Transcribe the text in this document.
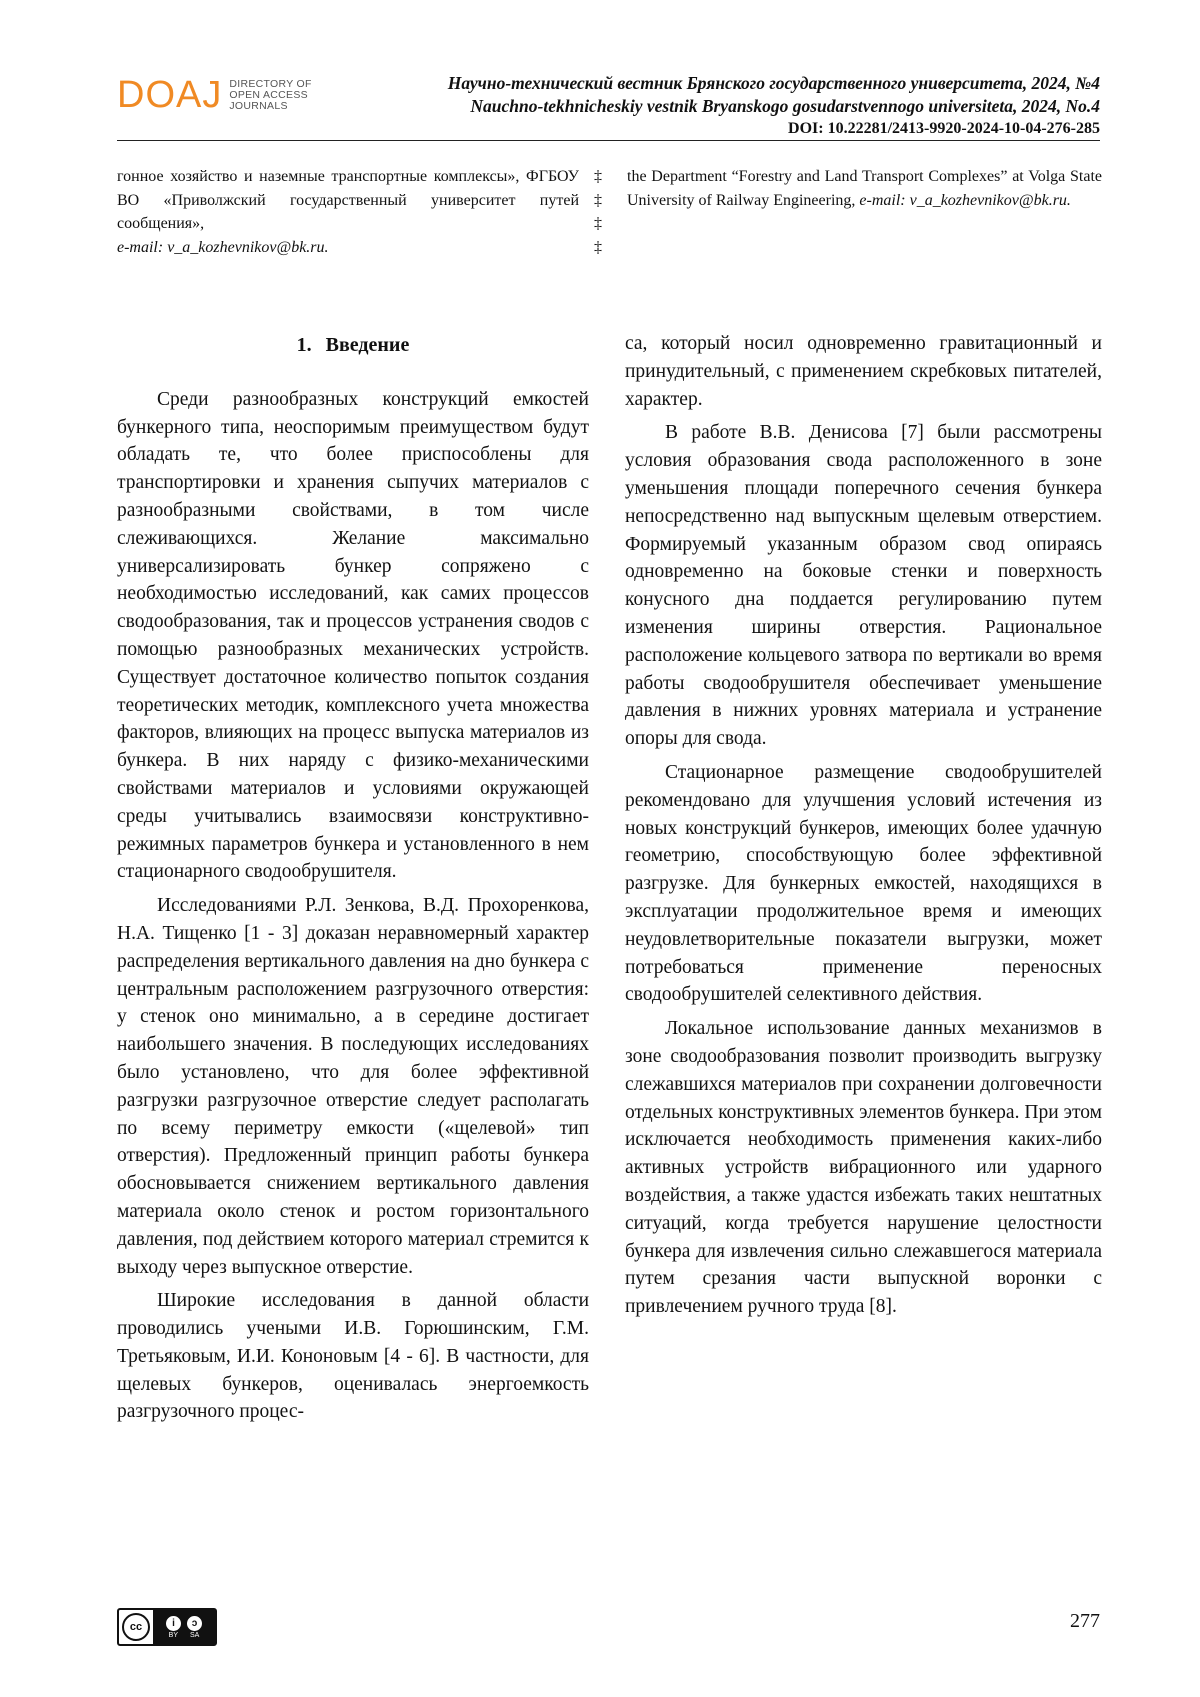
DOAJ DIRECTORY OF
OPEN ACCESS
JOURNALS
Научно-технический вестник Брянского государственного университета, 2024, №4
Nauchno-tekhnicheskiy vestnik Bryanskogo gosudarstvennogo universiteta, 2024, No.4
DOI: 10.22281/2413-9920-2024-10-04-276-285
гонное хозяйство и наземные транспортные комплексы», ФГБОУ ВО «Приволжский государственный университет путей сообщения»,
e-mail: v_a_kozhevnikov@bk.ru.
‡
‡
‡
‡
the Department “Forestry and Land Transport Complexes” at Volga State University of Railway Engineering, e-mail: v_a_kozhevnikov@bk.ru.
1. Введение

Среди разнообразных конструкций емкостей бункерного типа, неоспоримым преимуществом будут обладать те, что более приспособлены для транспортировки и хранения сыпучих материалов с разнообразными свойствами, в том числе слеживающихся. Желание максимально универсализировать бункер сопряжено с необходимостью исследований, как самих процессов сводообразования, так и процессов устранения сводов с помощью разнообразных механических устройств. Существует достаточное количество попыток создания теоретических методик, комплексного учета множества факторов, влияющих на процесс выпуска материалов из бункера. В них наряду с физико-механическими свойствами материалов и условиями окружающей среды учитывались взаимосвязи конструктивно-режимных параметров бункера и установленного в нем стационарного сводообрушителя.

Исследованиями Р.Л. Зенкова, В.Д. Прохоренкова, Н.А. Тищенко [1 - 3] доказан неравномерный характер распределения вертикального давления на дно бункера с центральным расположением разгрузочного отверстия: у стенок оно минимально, а в середине достигает наибольшего значения. В последующих исследованиях было установлено, что для более эффективной разгрузки разгрузочное отверстие следует располагать по всему периметру емкости («щелевой» тип отверстия). Предложенный принцип работы бункера обосновывается снижением вертикального давления материала около стенок и ростом горизонтального давления, под действием которого материал стремится к выходу через выпускное отверстие.

Широкие исследования в данной области проводились учеными И.В. Горюшинским, Г.М. Третьяковым, И.И. Кононовым [4 - 6]. В частности, для щелевых бункеров, оценивалась энергоемкость разгрузочного процес-

са, который носил одновременно гравитационный и принудительный, с применением скребковых питателей, характер.

В работе В.В. Денисова [7] были рассмотрены условия образования свода расположенного в зоне уменьшения площади поперечного сечения бункера непосредственно над выпускным щелевым отверстием. Формируемый указанным образом свод опираясь одновременно на боковые стенки и поверхность конусного дна поддается регулированию путем изменения ширины отверстия. Рациональное расположение кольцевого затвора по вертикали во время работы сводообрушителя обеспечивает уменьшение давления в нижних уровнях материала и устранение опоры для свода.

Стационарное размещение сводообрушителей рекомендовано для улучшения условий истечения из новых конструкций бункеров, имеющих более удачную геометрию, способствующую более эффективной разгрузке. Для бункерных емкостей, находящихся в эксплуатации продолжительное время и имеющих неудовлетворительные показатели выгрузки, может потребоваться применение переносных сводообрушителей селективного действия.

Локальное использование данных механизмов в зоне сводообразования позволит производить выгрузку слежавшихся материалов при сохранении долговечности отдельных конструктивных элементов бункера. При этом исключается необходимость применения каких-либо активных устройств вибрационного или ударного воздействия, а также удастся избежать таких нештатных ситуаций, когда требуется нарушение целостности бункера для извлечения сильно слежавшегося материала путем срезания части выпускной воронки с привлечением ручного труда [8].

cc	i	ↄ
BY SA
277
